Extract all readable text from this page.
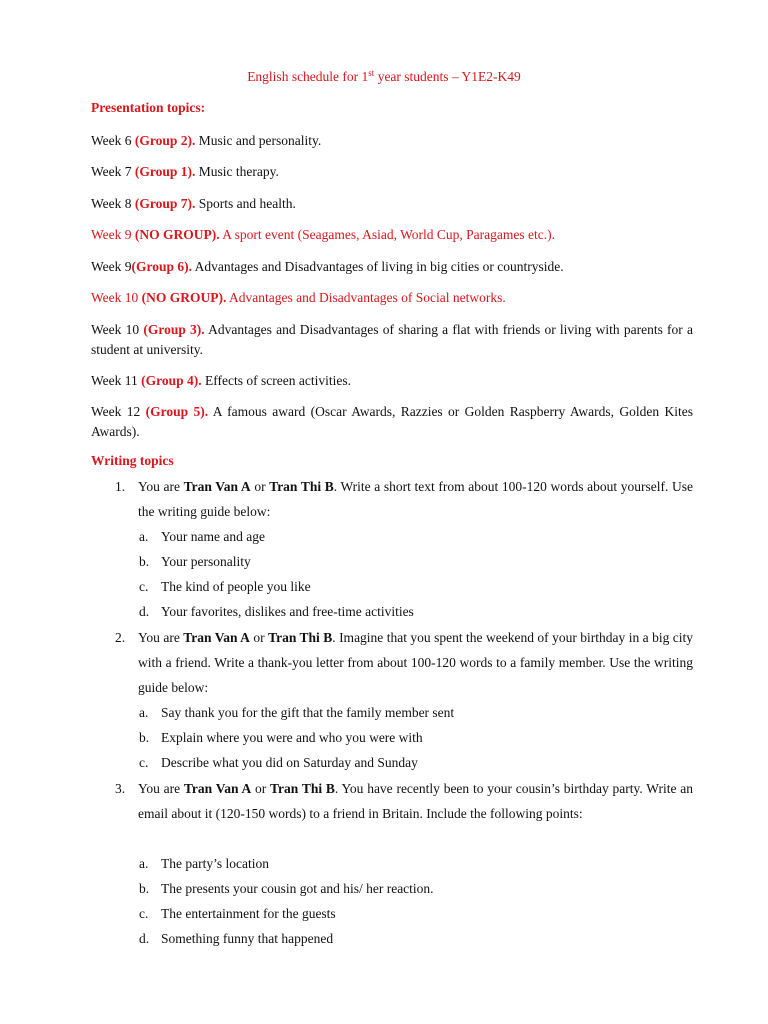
English schedule for 1st year students – Y1E2-K49
Presentation topics:
Week 6 (Group 2). Music and personality.
Week 7 (Group 1). Music therapy.
Week 8 (Group 7). Sports and health.
Week 9 (NO GROUP). A sport event (Seagames, Asiad, World Cup, Paragames etc.).
Week 9(Group 6). Advantages and Disadvantages of living in big cities or countryside.
Week 10 (NO GROUP). Advantages and Disadvantages of Social networks.
Week 10 (Group 3). Advantages and Disadvantages of sharing a flat with friends or living with parents for a student at university.
Week 11 (Group 4). Effects of screen activities.
Week 12 (Group 5). A famous award (Oscar Awards, Razzies or Golden Raspberry Awards, Golden Kites Awards).
Writing topics
1. You are Tran Van A or Tran Thi B. Write a short text from about 100-120 words about yourself. Use the writing guide below:
a. Your name and age
b. Your personality
c. The kind of people you like
d. Your favorites, dislikes and free-time activities
2. You are Tran Van A or Tran Thi B. Imagine that you spent the weekend of your birthday in a big city with a friend. Write a thank-you letter from about 100-120 words to a family member. Use the writing guide below:
a. Say thank you for the gift that the family member sent
b. Explain where you were and who you were with
c. Describe what you did on Saturday and Sunday
3. You are Tran Van A or Tran Thi B. You have recently been to your cousin’s birthday party. Write an email about it (120-150 words) to a friend in Britain. Include the following points:
a. The party’s location
b. The presents your cousin got and his/ her reaction.
c. The entertainment for the guests
d. Something funny that happened
